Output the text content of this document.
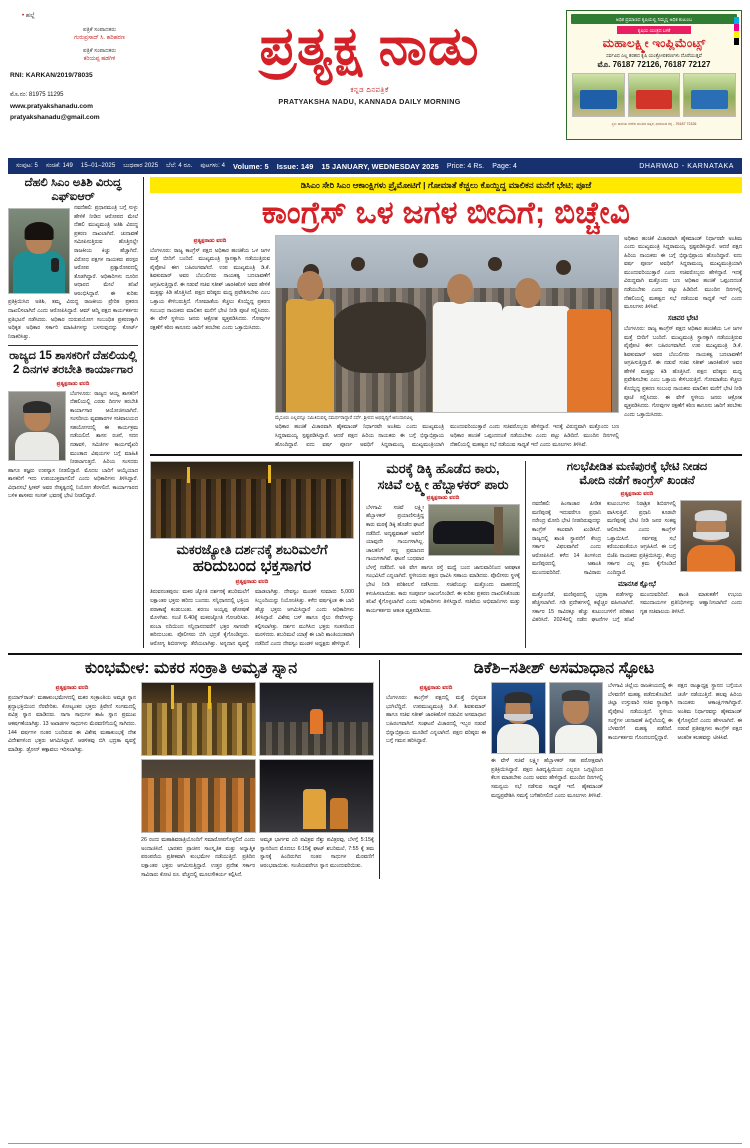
• ಹಲ್ಲೆ
ಪತ್ರಿಕೆ ಸಂಪಾದಕರು
ಗುರುಪ್ರಸಾದ್ ಸಿ. ಹರಿಹರಣ
ಪತ್ರಿಕೆ ಸಂಪಾದಕರು
ಕರಿಯಪ್ಪ ಹಡಗಿಳಿ
RNI: KARKAN/2019/78035
ಮೊ.ನಂ: 81975 11295
www.pratyakshanadu.com
pratyakshanadu@gmail.com
ಪ್ರತ್ಯಕ್ಷ ನಾಡು
ಕನ್ನಡ ದಿನಪತ್ರಿಕೆ
PRATYAKSHA NADU, KANNADA DAILY MORNING
ಅಧಿಕ ಪ್ರಮಾಣದ ಕೃಷಿಯಲ್ಲಿ ನಿಮ್ಮನ್ನ ಅಧಿಕ ಕುಟುಂಬ
ಕೃಷಿಯ ಯಂತ್ರದ ಬಳಕೆ
ಮಹಾಲಕ್ಷ್ಮೀ ಇಂಪ್ಲಿಮೆಂಟ್ಸ್
ಸರ್ವವಿಧ ಎಲ್ಲ ತರಹದ ಕೃಷಿ ಯಂತ್ರೋಪಕರಣಗಳು ದೊರೆಯುತ್ತವೆ
ಮೊ. 76187 72126, 76187 72127
ಸ್ಥಳ: ಹಳೇಯ ಗಣೇಶ ಮಂದಿರ ಹತ್ತಿರ, ಧಾರವಾಡ ರಸ್ತೆ - 76187 72126
ಸಂಪುಟ: 5 ಸಂಚಿಕೆ: 149 15–01–2025 ಬುಧವಾರ 2025 ಬೆಲೆ: 4 ರೂ. ಪುಟಗಳು: 4 Volume: 5 Issue: 149 15 JANUARY, WEDNESDAY 2025 Price: 4 Rs. Page: 4	DHARWAD - KARNATAKA
ದೆಹಲಿ ಸಿಎಂ ಅತಿಶಿ ವಿರುದ್ಧ ಎಫ್‌ಐಆರ್
ನವದೆಹಲಿ: ಪ್ರಧಾನಮಂತ್ರಿ ಬಗ್ಗೆ ಸುಳ್ಳು ಹೇಳಿಕೆ ನೀಡಿದ ಆರೋಪದ ಮೇಲೆ ದೆಹಲಿ ಮುಖ್ಯಮಂತ್ರಿ ಅತಿಶಿ ವಿರುದ್ಧ ಪ್ರಕರಣ ದಾಖಲಾಗಿದೆ. ಚುನಾವಣೆ ಸಮೀಪಿಸುತ್ತಿರುವ ಹೊತ್ತಿನಲ್ಲೇ ರಾಜಕೀಯ ಕಿಚ್ಚು ಹೆಚ್ಚಾಗಿದೆ. ವಿರೋಧ ಪಕ್ಷಗಳ ನಾಯಕರು ಪರಸ್ಪರ ಆರೋಪ ಪ್ರತ್ಯಾರೋಪದಲ್ಲಿ ತೊಡಗಿದ್ದಾರೆ. ಅಧಿಕಾರಿಗಳು ದೂರಿನ ಆಧಾರದ ಮೇಲೆ ತನಿಖೆ ಆರಂಭಿಸಿದ್ದಾರೆ. ಈ ಕುರಿತು ಪ್ರತಿಕ್ರಿಯಿಸಿದ ಅತಿಶಿ, ತಮ್ಮ ವಿರುದ್ಧ ರಾಜಕೀಯ ಪ್ರೇರಿತ ಪ್ರಕರಣ ದಾಖಲಿಸಲಾಗಿದೆ ಎಂದು ಆರೋಪಿಸಿದ್ದಾರೆ. ಆಮ್ ಆದ್ಮಿ ಪಕ್ಷದ ಕಾರ್ಯಕರ್ತರು ಪ್ರತಿಭಟನೆ ನಡೆಸಿದರು. ಅಧಿಕಾರ ದುರುಪಯೋಗ ಸಂಬಂಧಿತ ಪ್ರಕರಣಕ್ಕಾಗಿ ಅಧಿಕೃತ ಅಧಿಕಾರ ಸರ್ಕಾರಿ ಮಾಹಿತಿಗಳನ್ನು ಬಳಸುವುದನ್ನು ಕೋರ್ಟ್ ನಿರಾಕರಿಸಿತ್ತು.
ರಾಜ್ಯದ 15 ಶಾಸಕರಿಗೆ ದೆಹಲಿಯಲ್ಲಿ 2 ದಿನಗಳ ತರಬೇತಿ ಕಾರ್ಯಾಗಾರ
ಪ್ರತ್ಯಕ್ಷನಾಡು ವರದಿ
ಬೆಂಗಳೂರು: ರಾಜ್ಯದ ಆಯ್ದ ಶಾಸಕರಿಗೆ ದೆಹಲಿಯಲ್ಲಿ ಎರಡು ದಿನಗಳ ತರಬೇತಿ ಕಾರ್ಯಾಗಾರ ಆಯೋಜಿಸಲಾಗಿದೆ. ಸಂಸದೀಯ ವ್ಯವಹಾರಗಳ ಸಚಿವಾಲಯದ ಸಹಯೋಗದಲ್ಲಿ ಈ ಕಾರ್ಯಕ್ರಮ ನಡೆಯಲಿದೆ. ಶಾಸನ ರಚನೆ, ಸದನ ನಡಾವಳಿ, ಸಮಿತಿಗಳ ಕಾರ್ಯವೈಖರಿ ಮುಂತಾದ ವಿಷಯಗಳ ಬಗ್ಗೆ ಮಾಹಿತಿ ನೀಡಲಾಗುತ್ತದೆ. ಹಿರಿಯ ಸಂಸದರು ಹಾಗೂ ತಜ್ಞರು ಉಪನ್ಯಾಸ ನೀಡಲಿದ್ದಾರೆ. ಮೊದಲ ಬಾರಿಗೆ ಆಯ್ಕೆಯಾದ ಶಾಸಕರಿಗೆ ಇದು ಉಪಯುಕ್ತವಾಗಲಿದೆ ಎಂದು ಅಧಿಕಾರಿಗಳು ತಿಳಿಸಿದ್ದಾರೆ. ವಿಧಾನಸಭೆ ಸ್ಪೀಕರ್ ಅವರ ನೇತೃತ್ವದಲ್ಲಿ ನಿಯೋಗ ತೆರಳಲಿದೆ. ಕಾರ್ಯಾಗಾರದ ಬಳಿಕ ಶಾಸಕರು ಸಂಸತ್ ಭವನಕ್ಕೆ ಭೇಟಿ ನೀಡಲಿದ್ದಾರೆ.
ಡಿಸಿಎಂ ಸೇರಿ ಸಿಎಂ ಆಕಾಂಕ್ಷಿಗಳು ಪ್ರೈಮೋಟಿಗೆ | ಗೋಮಾತೆ ಕೆಚ್ಚಲು ಕೊಯ್ದಿದ್ದ ಮಾಲಿಕನ ಮನೆಗೆ ಭೇಟಿ; ಪೂಜೆ
ಕಾಂಗ್ರೆಸ್ ಒಳ ಜಗಳ ಬೀದಿಗೆ; ಬಿಚ್ಚೇವಿ
ಪ್ರತ್ಯಕ್ಷನಾಡು ವರದಿ
ಬೆಂಗಳೂರು: ರಾಜ್ಯ ಕಾಂಗ್ರೆಸ್ ಪಕ್ಷದ ಅಧಿಕಾರ ಹಂಚಿಕೆಯ ಒಳ ಜಗಳ ಮತ್ತೆ ಬೀದಿಗೆ ಬಂದಿದೆ. ಮುಖ್ಯಮಂತ್ರಿ ಸ್ಥಾನಕ್ಕಾಗಿ ನಡೆಯುತ್ತಿರುವ ಪೈಪೋಟಿ ಈಗ ಬಹಿರಂಗವಾಗಿದೆ. ಉಪ ಮುಖ್ಯಮಂತ್ರಿ ಡಿ.ಕೆ. ಶಿವಕುಮಾರ್ ಅವರ ಬೆಂಬಲಿಗರು ನಾಯಕತ್ವ ಬದಲಾವಣೆಗೆ ಆಗ್ರಹಿಸುತ್ತಿದ್ದಾರೆ. ಈ ನಡುವೆ ಸಚಿವ ಸತೀಶ್ ಜಾರಕಿಹೊಳಿ ಅವರ ಹೇಳಿಕೆ ಮತ್ತಷ್ಟು ಕಿಡಿ ಹೊತ್ತಿಸಿದೆ. ಪಕ್ಷದ ವರಿಷ್ಠರು ಮಧ್ಯ ಪ್ರವೇಶಿಸಬೇಕು ಎಂಬ ಒತ್ತಾಯ ಕೇಳಿಬರುತ್ತಿದೆ. ಗೋಮಾತೆಯ ಕೆಚ್ಚಲು ಕೊಯ್ದಿದ್ದ ಪ್ರಕರಣ ಸಂಬಂಧ ನಾಯಕರು ಮಾಲಿಕನ ಮನೆಗೆ ಭೇಟಿ ನೀಡಿ ಪೂಜೆ ಸಲ್ಲಿಸಿದರು. ಈ ವೇಳೆ ಸ್ಥಳೀಯ ಜನರು ಆಕ್ರೋಶ ವ್ಯಕ್ತಪಡಿಸಿದರು. ಗೋವುಗಳ ರಕ್ಷಣೆಗೆ ಕಠಿಣ ಕಾನೂನು ಜಾರಿಗೆ ತರಬೇಕು ಎಂದು ಒತ್ತಾಯಿಸಿದರು.
ಮೈಸೂರು ಎಲ್ಲವನ್ನೂ ಸಮಿತಿಸುವಲ್ಲಿ ಸಮರ್ಥರಾದ್ದಾರೆ ಸರ್ಧೆ. ಶ್ರೀಪದ ಅಭಿವೃದ್ಧಿಗೆ ಅನುದಾನವಿಲ್ಲ
ಅಧಿಕಾರ ಹಂಚಿಕೆ ವಿಚಾರವಾಗಿ ಹೈಕಮಾಂಡ್ ನಿರ್ಧಾರವೇ ಅಂತಿಮ ಎಂದು ಮುಖ್ಯಮಂತ್ರಿ ಸಿದ್ದರಾಮಯ್ಯ ಸ್ಪಷ್ಟಪಡಿಸಿದ್ದಾರೆ. ಆದರೆ ಪಕ್ಷದ ಹಿರಿಯ ನಾಯಕರು ಈ ಬಗ್ಗೆ ಭಿನ್ನಾಭಿಪ್ರಾಯ ಹೊಂದಿದ್ದಾರೆ. ಐದು ವರ್ಷ ಪೂರ್ಣ ಅವಧಿಗೆ ಸಿದ್ದರಾಮಯ್ಯ ಮುಖ್ಯಮಂತ್ರಿಯಾಗಿ ಮುಂದುವರಿಯುತ್ತಾರೆ ಎಂದು ಸಚಿವರೊಬ್ಬರು ಹೇಳಿದ್ದಾರೆ. ಇದಕ್ಕೆ ವಿರುದ್ಧವಾಗಿ ಮತ್ತೊಂದು ಬಣ ಅಧಿಕಾರ ಹಂಚಿಕೆ ಒಪ್ಪಂದದಂತೆ ನಡೆಯಬೇಕು ಎಂದು ಪಟ್ಟು ಹಿಡಿದಿದೆ. ಮುಂದಿನ ದಿನಗಳಲ್ಲಿ ದೆಹಲಿಯಲ್ಲಿ ಮಹತ್ವದ ಸಭೆ ನಡೆಯುವ ಸಾಧ್ಯತೆ ಇದೆ ಎಂದು ಮೂಲಗಳು ತಿಳಿಸಿವೆ.
ಅಧಿಕಾರ ಹಂಚಿಕೆ ವಿಚಾರವಾಗಿ ಹೈಕಮಾಂಡ್ ನಿರ್ಧಾರವೇ ಅಂತಿಮ ಎಂದು ಮುಖ್ಯಮಂತ್ರಿ ಸಿದ್ದರಾಮಯ್ಯ ಸ್ಪಷ್ಟಪಡಿಸಿದ್ದಾರೆ. ಆದರೆ ಪಕ್ಷದ ಹಿರಿಯ ನಾಯಕರು ಈ ಬಗ್ಗೆ ಭಿನ್ನಾಭಿಪ್ರಾಯ ಹೊಂದಿದ್ದಾರೆ. ಐದು ವರ್ಷ ಪೂರ್ಣ ಅವಧಿಗೆ ಸಿದ್ದರಾಮಯ್ಯ ಮುಖ್ಯಮಂತ್ರಿಯಾಗಿ ಮುಂದುವರಿಯುತ್ತಾರೆ ಎಂದು ಸಚಿವರೊಬ್ಬರು ಹೇಳಿದ್ದಾರೆ. ಇದಕ್ಕೆ ವಿರುದ್ಧವಾಗಿ ಮತ್ತೊಂದು ಬಣ ಅಧಿಕಾರ ಹಂಚಿಕೆ ಒಪ್ಪಂದದಂತೆ ನಡೆಯಬೇಕು ಎಂದು ಪಟ್ಟು ಹಿಡಿದಿದೆ. ಮುಂದಿನ ದಿನಗಳಲ್ಲಿ ದೆಹಲಿಯಲ್ಲಿ ಮಹತ್ವದ ಸಭೆ ನಡೆಯುವ ಸಾಧ್ಯತೆ ಇದೆ ಎಂದು ಮೂಲಗಳು ತಿಳಿಸಿವೆ.
ಸಚಿವರ ಭೇಟಿ
ಬೆಂಗಳೂರು: ರಾಜ್ಯ ಕಾಂಗ್ರೆಸ್ ಪಕ್ಷದ ಅಧಿಕಾರ ಹಂಚಿಕೆಯ ಒಳ ಜಗಳ ಮತ್ತೆ ಬೀದಿಗೆ ಬಂದಿದೆ. ಮುಖ್ಯಮಂತ್ರಿ ಸ್ಥಾನಕ್ಕಾಗಿ ನಡೆಯುತ್ತಿರುವ ಪೈಪೋಟಿ ಈಗ ಬಹಿರಂಗವಾಗಿದೆ. ಉಪ ಮುಖ್ಯಮಂತ್ರಿ ಡಿ.ಕೆ. ಶಿವಕುಮಾರ್ ಅವರ ಬೆಂಬಲಿಗರು ನಾಯಕತ್ವ ಬದಲಾವಣೆಗೆ ಆಗ್ರಹಿಸುತ್ತಿದ್ದಾರೆ. ಈ ನಡುವೆ ಸಚಿವ ಸತೀಶ್ ಜಾರಕಿಹೊಳಿ ಅವರ ಹೇಳಿಕೆ ಮತ್ತಷ್ಟು ಕಿಡಿ ಹೊತ್ತಿಸಿದೆ. ಪಕ್ಷದ ವರಿಷ್ಠರು ಮಧ್ಯ ಪ್ರವೇಶಿಸಬೇಕು ಎಂಬ ಒತ್ತಾಯ ಕೇಳಿಬರುತ್ತಿದೆ. ಗೋಮಾತೆಯ ಕೆಚ್ಚಲು ಕೊಯ್ದಿದ್ದ ಪ್ರಕರಣ ಸಂಬಂಧ ನಾಯಕರು ಮಾಲಿಕನ ಮನೆಗೆ ಭೇಟಿ ನೀಡಿ ಪೂಜೆ ಸಲ್ಲಿಸಿದರು. ಈ ವೇಳೆ ಸ್ಥಳೀಯ ಜನರು ಆಕ್ರೋಶ ವ್ಯಕ್ತಪಡಿಸಿದರು. ಗೋವುಗಳ ರಕ್ಷಣೆಗೆ ಕಠಿಣ ಕಾನೂನು ಜಾರಿಗೆ ತರಬೇಕು ಎಂದು ಒತ್ತಾಯಿಸಿದರು.
ಮಕರಜ್ಯೋತಿ ದರ್ಶನಕ್ಕೆ ಶಬರಿಮಲೆಗೆ
ಹರಿದುಬಂದ ಭಕ್ತಸಾಗರ
ಪ್ರತ್ಯಕ್ಷನಾಡು ವರದಿ
ತಿರುವನಂತಪುರಂ: ಮಕರ ಜ್ಯೋತಿ ದರ್ಶನಕ್ಕೆ ಶಬರಿಮಲೆಗೆ ಲಕ್ಷಾಂತರ ಭಕ್ತರು ಹರಿದು ಬಂದರು. ಸನ್ನಿಧಾನದಲ್ಲಿ ಭಕ್ತಿಯ ಪರಾಕಾಷ್ಠೆ ಕಂಡುಬಂತು. ಶರಣಂ ಅಯ್ಯಪ್ಪ ಘೋಷಣೆ ಮೊಳಗಿತು. ಸಂಜೆ 6.40ಕ್ಕೆ ಮಕರಜ್ಯೋತಿ ಗೋಚರಿಸಿತು. ಪಂಬಾ ನದಿಯಿಂದ ಸನ್ನಿಧಾನದವರೆಗೆ ಭಕ್ತರ ಸಾಗರವೇ ಹರಿದುಬಂತು. ಪೊಲೀಸರು ಬಿಗಿ ಭದ್ರತೆ ಕೈಗೊಂಡಿದ್ದರು. ಆರೋಗ್ಯ ಶಿಬಿರಗಳನ್ನು ತೆರೆಯಲಾಗಿತ್ತು. ಅನ್ನದಾನ ವ್ಯವಸ್ಥೆ ಮಾಡಲಾಗಿತ್ತು. ದೇವಸ್ವಂ ಮಂಡಳಿ ಸುಮಾರು 5,000 ಸಿಬ್ಬಂದಿಯನ್ನು ನಿಯೋಜಿಸಿತ್ತು. ಕಳೆದ ವರ್ಷಕ್ಕಿಂತ ಈ ಬಾರಿ ಹೆಚ್ಚು ಭಕ್ತರು ಆಗಮಿಸಿದ್ದಾರೆ ಎಂದು ಅಧಿಕಾರಿಗಳು ತಿಳಿಸಿದ್ದಾರೆ. ವಿಶೇಷ ಬಸ್ ಹಾಗೂ ರೈಲು ಸೇವೆಗಳನ್ನು ಕಲ್ಪಿಸಲಾಗಿತ್ತು. ದರ್ಶನ ಮುಗಿಸಿದ ಭಕ್ತರು ಸಂತಸದಿಂದ ಮರಳಿದರು. ಶಬರಿಮಲೆ ಯಾತ್ರೆ ಈ ಬಾರಿ ಶಾಂತಿಯುತವಾಗಿ ನಡೆದಿದೆ ಎಂದು ದೇವಸ್ವಂ ಮಂಡಳಿ ಅಧ್ಯಕ್ಷರು ಹೇಳಿದ್ದಾರೆ.
ಮರಕ್ಕೆ ಡಿಕ್ಕಿ ಹೊಡೆದ ಕಾರು,
ಸಚಿವೆ ಲಕ್ಷ್ಮೀ ಹೆಬ್ಬಾಳಕರ್ ಪಾರು
ಪ್ರತ್ಯಕ್ಷನಾಡು ವರದಿ
ಬೆಳಗಾವಿ: ಸಚಿವೆ ಲಕ್ಷ್ಮೀ ಹೆಬ್ಬಾಳಕರ್ ಪ್ರಯಾಣಿಸುತ್ತಿದ್ದ ಕಾರು ಮರಕ್ಕೆ ಡಿಕ್ಕಿ ಹೊಡೆದ ಘಟನೆ ನಡೆದಿದೆ. ಅದೃಷ್ಟವಶಾತ್ ಅವರಿಗೆ ಯಾವುದೇ ಗಾಯಗಳಾಗಿಲ್ಲ. ಚಾಲಕನಿಗೆ ಸಣ್ಣ ಪ್ರಮಾಣದ ಗಾಯಗಳಾಗಿವೆ. ಘಟನೆ ಬುಧವಾರ ಬೆಳಗ್ಗೆ ನಡೆದಿದೆ. ಅತಿ ವೇಗ ಹಾಗೂ ರಸ್ತೆ ಮಧ್ಯೆ ಬಂದ ಜಾನುವಾರಿನಿಂದ ಅಪಘಾತ ಸಂಭವಿಸಿದೆ ಎನ್ನಲಾಗಿದೆ. ಸ್ಥಳೀಯರು ತಕ್ಷಣ ಧಾವಿಸಿ ಸಹಾಯ ಮಾಡಿದರು. ಪೊಲೀಸರು ಸ್ಥಳಕ್ಕೆ ಭೇಟಿ ನೀಡಿ ಪರಿಶೀಲನೆ ನಡೆಸಿದರು. ಸಚಿವೆಯನ್ನು ಮತ್ತೊಂದು ವಾಹನದಲ್ಲಿ ಕಳುಹಿಸಲಾಯಿತು. ಕಾರು ಸಂಪೂರ್ಣ ಜಖಂಗೊಂಡಿದೆ. ಈ ಕುರಿತು ಪ್ರಕರಣ ದಾಖಲಿಸಿಕೊಂಡು ತನಿಖೆ ಕೈಗೊಳ್ಳಲಾಗಿದೆ ಎಂದು ಅಧಿಕಾರಿಗಳು ತಿಳಿಸಿದ್ದಾರೆ. ಸಚಿವೆಯ ಅಭಿಮಾನಿಗಳು ಮತ್ತು ಕಾರ್ಯಕರ್ತರು ಆತಂಕ ವ್ಯಕ್ತಪಡಿಸಿದರು.
ಗಲಭೆಪೀಡಿತ ಮಣಿಪುರಕ್ಕೆ ಭೇಟಿ ನೀಡದ
ಮೋದಿ ನಡೆಗೆ ಕಾಂಗ್ರೆಸ್ ಖಂಡನೆ
ಪ್ರತ್ಯಕ್ಷನಾಡು ವರದಿ
ನವದೆಹಲಿ: ಹಿಂಸಾಚಾರ ಪೀಡಿತ ಮಣಿಪುರಕ್ಕೆ ಇದುವರೆಗೂ ಪ್ರಧಾನಿ ನರೇಂದ್ರ ಮೋದಿ ಭೇಟಿ ನೀಡದಿರುವುದನ್ನು ಕಾಂಗ್ರೆಸ್ ಕಟುವಾಗಿ ಖಂಡಿಸಿದೆ. ರಾಜ್ಯದಲ್ಲಿ ಶಾಂತಿ ಸ್ಥಾಪನೆಗೆ ಕೇಂದ್ರ ಸರ್ಕಾರ ವಿಫಲವಾಗಿದೆ ಎಂದು ಆರೋಪಿಸಿದೆ. ಕಳೆದ 14 ತಿಂಗಳಿಂದ ಮಣಿಪುರದಲ್ಲಿ ಅಶಾಂತಿ ಮುಂದುವರಿದಿದೆ. ಸಾವಿರಾರು ಕುಟುಂಬಗಳು ನಿರಾಶ್ರಿತ ಶಿಬಿರಗಳಲ್ಲಿ ವಾಸಿಸುತ್ತಿವೆ. ಪ್ರಧಾನಿ ಕೂಡಲೇ ಮಣಿಪುರಕ್ಕೆ ಭೇಟಿ ನೀಡಿ ಜನರ ಸಂಕಷ್ಟ ಆಲಿಸಬೇಕು ಎಂದು ಕಾಂಗ್ರೆಸ್ ಒತ್ತಾಯಿಸಿದೆ. ಸರ್ವಪಕ್ಷ ಸಭೆ ಕರೆಯುವಂತೆಯೂ ಆಗ್ರಹಿಸಿದೆ. ಈ ಬಗ್ಗೆ ಬಿಜೆಪಿ ನಾಯಕರು ಪ್ರತಿಕ್ರಿಯಿಸಿದ್ದು, ಕೇಂದ್ರ ಸರ್ಕಾರ ಎಲ್ಲ ಕ್ರಮ ಕೈಗೊಂಡಿದೆ ಎಂದಿದ್ದಾರೆ.
ಮಾನಸಿಕ ಕ್ಷೋಭೆ
ಮತ್ತೊಂದೆಡೆ, ಮಣಿಪುರದಲ್ಲಿ ಭದ್ರತಾ ಪಡೆಗಳನ್ನು ಹೆಚ್ಚಿಸಲಾಗಿದೆ. ಗಡಿ ಪ್ರದೇಶಗಳಲ್ಲಿ ಕಟ್ಟೆಚ್ಚರ ವಹಿಸಲಾಗಿದೆ. ಸರ್ಕಾರ 15 ಸಾವಿರಕ್ಕೂ ಹೆಚ್ಚು ಕುಟುಂಬಗಳಿಗೆ ಪರಿಹಾರ ವಿತರಿಸಿದೆ. 2024ರಲ್ಲಿ ನಡೆದ ಘಟನೆಗಳ ಬಗ್ಗೆ ತನಿಖೆ ಮುಂದುವರಿದಿದೆ. ಶಾಂತಿ ಮಾತುಕತೆಗೆ ಉಭಯ ಸಮುದಾಯಗಳ ಪ್ರತಿನಿಧಿಗಳನ್ನು ಆಹ್ವಾನಿಸಲಾಗಿದೆ ಎಂದು ಗೃಹ ಸಚಿವಾಲಯ ತಿಳಿಸಿದೆ.
ಕುಂಭಮೇಳ: ಮಕರ ಸಂಕ್ರಾತಿ ಅಮೃತ ಸ್ನಾನ
ಪ್ರತ್ಯಕ್ಷನಾಡು ವರದಿ
ಪ್ರಯಾಗ್‌ರಾಜ್: ಮಹಾಕುಂಭಮೇಳದಲ್ಲಿ ಮಕರ ಸಂಕ್ರಾಂತಿಯ ಅಮೃತ ಸ್ನಾನ ಶ್ರದ್ಧಾಭಕ್ತಿಯಿಂದ ನೆರವೇರಿತು. ಕೋಟ್ಯಂತರ ಭಕ್ತರು ತ್ರಿವೇಣಿ ಸಂಗಮದಲ್ಲಿ ಪವಿತ್ರ ಸ್ನಾನ ಮಾಡಿದರು. ನಾಗಾ ಸಾಧುಗಳ ಶಾಹಿ ಸ್ನಾನ ಪ್ರಮುಖ ಆಕರ್ಷಣೆಯಾಗಿತ್ತು. 13 ಅಖಾಡಗಳ ಸಾಧುಗಳು ಮೆರವಣಿಗೆಯಲ್ಲಿ ಸಾಗಿದರು. 144 ವರ್ಷಗಳ ನಂತರ ಬಂದಿರುವ ಈ ವಿಶೇಷ ಮಹಾಕುಂಭಕ್ಕೆ ದೇಶ ವಿದೇಶಗಳಿಂದ ಭಕ್ತರು ಆಗಮಿಸಿದ್ದಾರೆ. ಆಡಳಿತವು ಬಿಗಿ ಭದ್ರತಾ ವ್ಯವಸ್ಥೆ ಮಾಡಿತ್ತು. ಡ್ರೋನ್ ಕಣ್ಗಾವಲು ಇರಿಸಲಾಗಿತ್ತು.
26 ರಂದು ಮಹಾಶಿವರಾತ್ರಿಯೊಂದಿಗೆ ಸಮಾರೋಪಗೊಳ್ಳಲಿದೆ ಎಂದು ಅಂದಾಜಿಸಿದೆ. ಭಾರತದ ಪ್ರಾಚೀನ ಸಾಂಸ್ಕೃತಿಕ ಮತ್ತು ಅಧ್ಯಾತ್ಮಿಕ ಪರಂಪರೆಯ ಪ್ರತೀಕವಾಗಿ ಕುಂಭಮೇಳ ನಡೆಯುತ್ತಿದೆ. ಪ್ರತಿದಿನ ಲಕ್ಷಾಂತರ ಭಕ್ತರು ಆಗಮಿಸುತ್ತಿದ್ದಾರೆ. ಉತ್ತರ ಪ್ರದೇಶ ಸರ್ಕಾರ ಸಾವಿರಾರು ಕೋಟಿ ರೂ. ವೆಚ್ಚದಲ್ಲಿ ಮೂಲಸೌಕರ್ಯ ಕಲ್ಪಿಸಿದೆ.
ಅಮೃತ ಭಾರ್ಗವ ಎರಿ ಪವಿತ್ರವ ನೆಶ್ತು ಪವಿತ್ರರವು, ಬೆಳಗ್ಗೆ 5:15ಕ್ಕೆ ಸ್ನಾನದಿಂದ ಮೊದಲು 6:15ಕ್ಕೆ ಘಾಟ್ ಶಬರಿಮಲೆ, 7:55 ಕ್ಕೆ ತಮ ಸ್ನಾನಕ್ಕೆ ಹಿಂದಿರುಗಿದ ನಂತರ ಸಾಧುಗಳ ಮೆರವಣಿಗೆ ಆರಂಭವಾಯಿತು. ಸಂಜೆಯವರೆಗೂ ಸ್ನಾನ ಮುಂದುವರಿಯಿತು.
ಡಿಕೆಶಿ–ಸತೀಶ್ ಅಸಮಾಧಾನ ಸ್ಫೋಟ
ಪ್ರತ್ಯಕ್ಷನಾಡು ವರದಿ
ಬೆಂಗಳೂರು: ಕಾಂಗ್ರೆಸ್ ಪಕ್ಷದಲ್ಲಿ ಮತ್ತೆ ಭಿನ್ನಮತ ಭುಗಿಲೆದ್ದಿದೆ. ಉಪಮುಖ್ಯಮಂತ್ರಿ ಡಿ.ಕೆ. ಶಿವಕುಮಾರ್ ಹಾಗೂ ಸಚಿವ ಸತೀಶ್ ಜಾರಕಿಹೊಳಿ ನಡುವಿನ ಅಸಮಾಧಾನ ಬಹಿರಂಗವಾಗಿದೆ. ಸಂಘಟನೆ ವಿಚಾರದಲ್ಲಿ ಇಬ್ಬರ ನಡುವೆ ಭಿನ್ನಾಭಿಪ್ರಾಯ ಮೂಡಿದೆ ಎನ್ನಲಾಗಿದೆ. ಪಕ್ಷದ ವರಿಷ್ಠರು ಈ ಬಗ್ಗೆ ಗಮನ ಹರಿಸಿದ್ದಾರೆ.
ಈ ವೇಳೆ ಸಚಿವೆ ಲಕ್ಷ್ಮೀ ಹೆಬ್ಬಾಳಕರ್ ಸಹ ಪರೋಕ್ಷವಾಗಿ ಪ್ರತಿಕ್ರಿಯಿಸಿದ್ದಾರೆ. ಪಕ್ಷದ ಹಿತದೃಷ್ಟಿಯಿಂದ ಎಲ್ಲರೂ ಒಗ್ಗಟ್ಟಿನಿಂದ ಕೆಲಸ ಮಾಡಬೇಕು ಎಂದು ಅವರು ಹೇಳಿದ್ದಾರೆ. ಮುಂದಿನ ದಿನಗಳಲ್ಲಿ ಸಮನ್ವಯ ಸಭೆ ನಡೆಸುವ ಸಾಧ್ಯತೆ ಇದೆ. ಹೈಕಮಾಂಡ್ ಮಧ್ಯಪ್ರವೇಶಿಸಿ ಸಮಸ್ಯೆ ಬಗೆಹರಿಸಲಿದೆ ಎಂದು ಮೂಲಗಳು ತಿಳಿಸಿವೆ.
ಬೆಳಗಾವಿ ಜಿಲ್ಲೆಯ ರಾಜಕೀಯದಲ್ಲಿ ಈ ಬೆಳವಣಿಗೆ ಮಹತ್ವ ಪಡೆದುಕೊಂಡಿದೆ. ಜಿಲ್ಲಾ ಉಸ್ತುವಾರಿ ಸಚಿವ ಸ್ಥಾನಕ್ಕಾಗಿ ಪೈಪೋಟಿ ನಡೆಯುತ್ತಿದೆ. ಸ್ಥಳೀಯ ಸಂಸ್ಥೆಗಳ ಚುನಾವಣೆ ಹಿನ್ನೆಲೆಯಲ್ಲಿ ಈ ಬೆಳವಣಿಗೆ ಮಹತ್ವ ಪಡೆದಿದೆ. ಕಾರ್ಯಕರ್ತರು ಗೊಂದಲದಲ್ಲಿದ್ದಾರೆ.
ಪಕ್ಷದ ರಾಜ್ಯಾಧ್ಯಕ್ಷ ಸ್ಥಾನದ ಬಗ್ಗೆಯೂ ಚರ್ಚೆ ನಡೆಯುತ್ತಿದೆ. ಹಲವು ಹಿರಿಯ ನಾಯಕರು ಆಕಾಂಕ್ಷಿಗಳಾಗಿದ್ದಾರೆ. ಅಂತಿಮ ನಿರ್ಧಾರವನ್ನು ಹೈಕಮಾಂಡ್ ಕೈಗೊಳ್ಳಲಿದೆ ಎಂದು ಹೇಳಲಾಗಿದೆ. ಈ ನಡುವೆ ಪ್ರತಿಪಕ್ಷಗಳು ಕಾಂಗ್ರೆಸ್ ಪಕ್ಷದ ಆಂತರಿಕ ಕಲಹವನ್ನು ಟೀಕಿಸಿವೆ.
